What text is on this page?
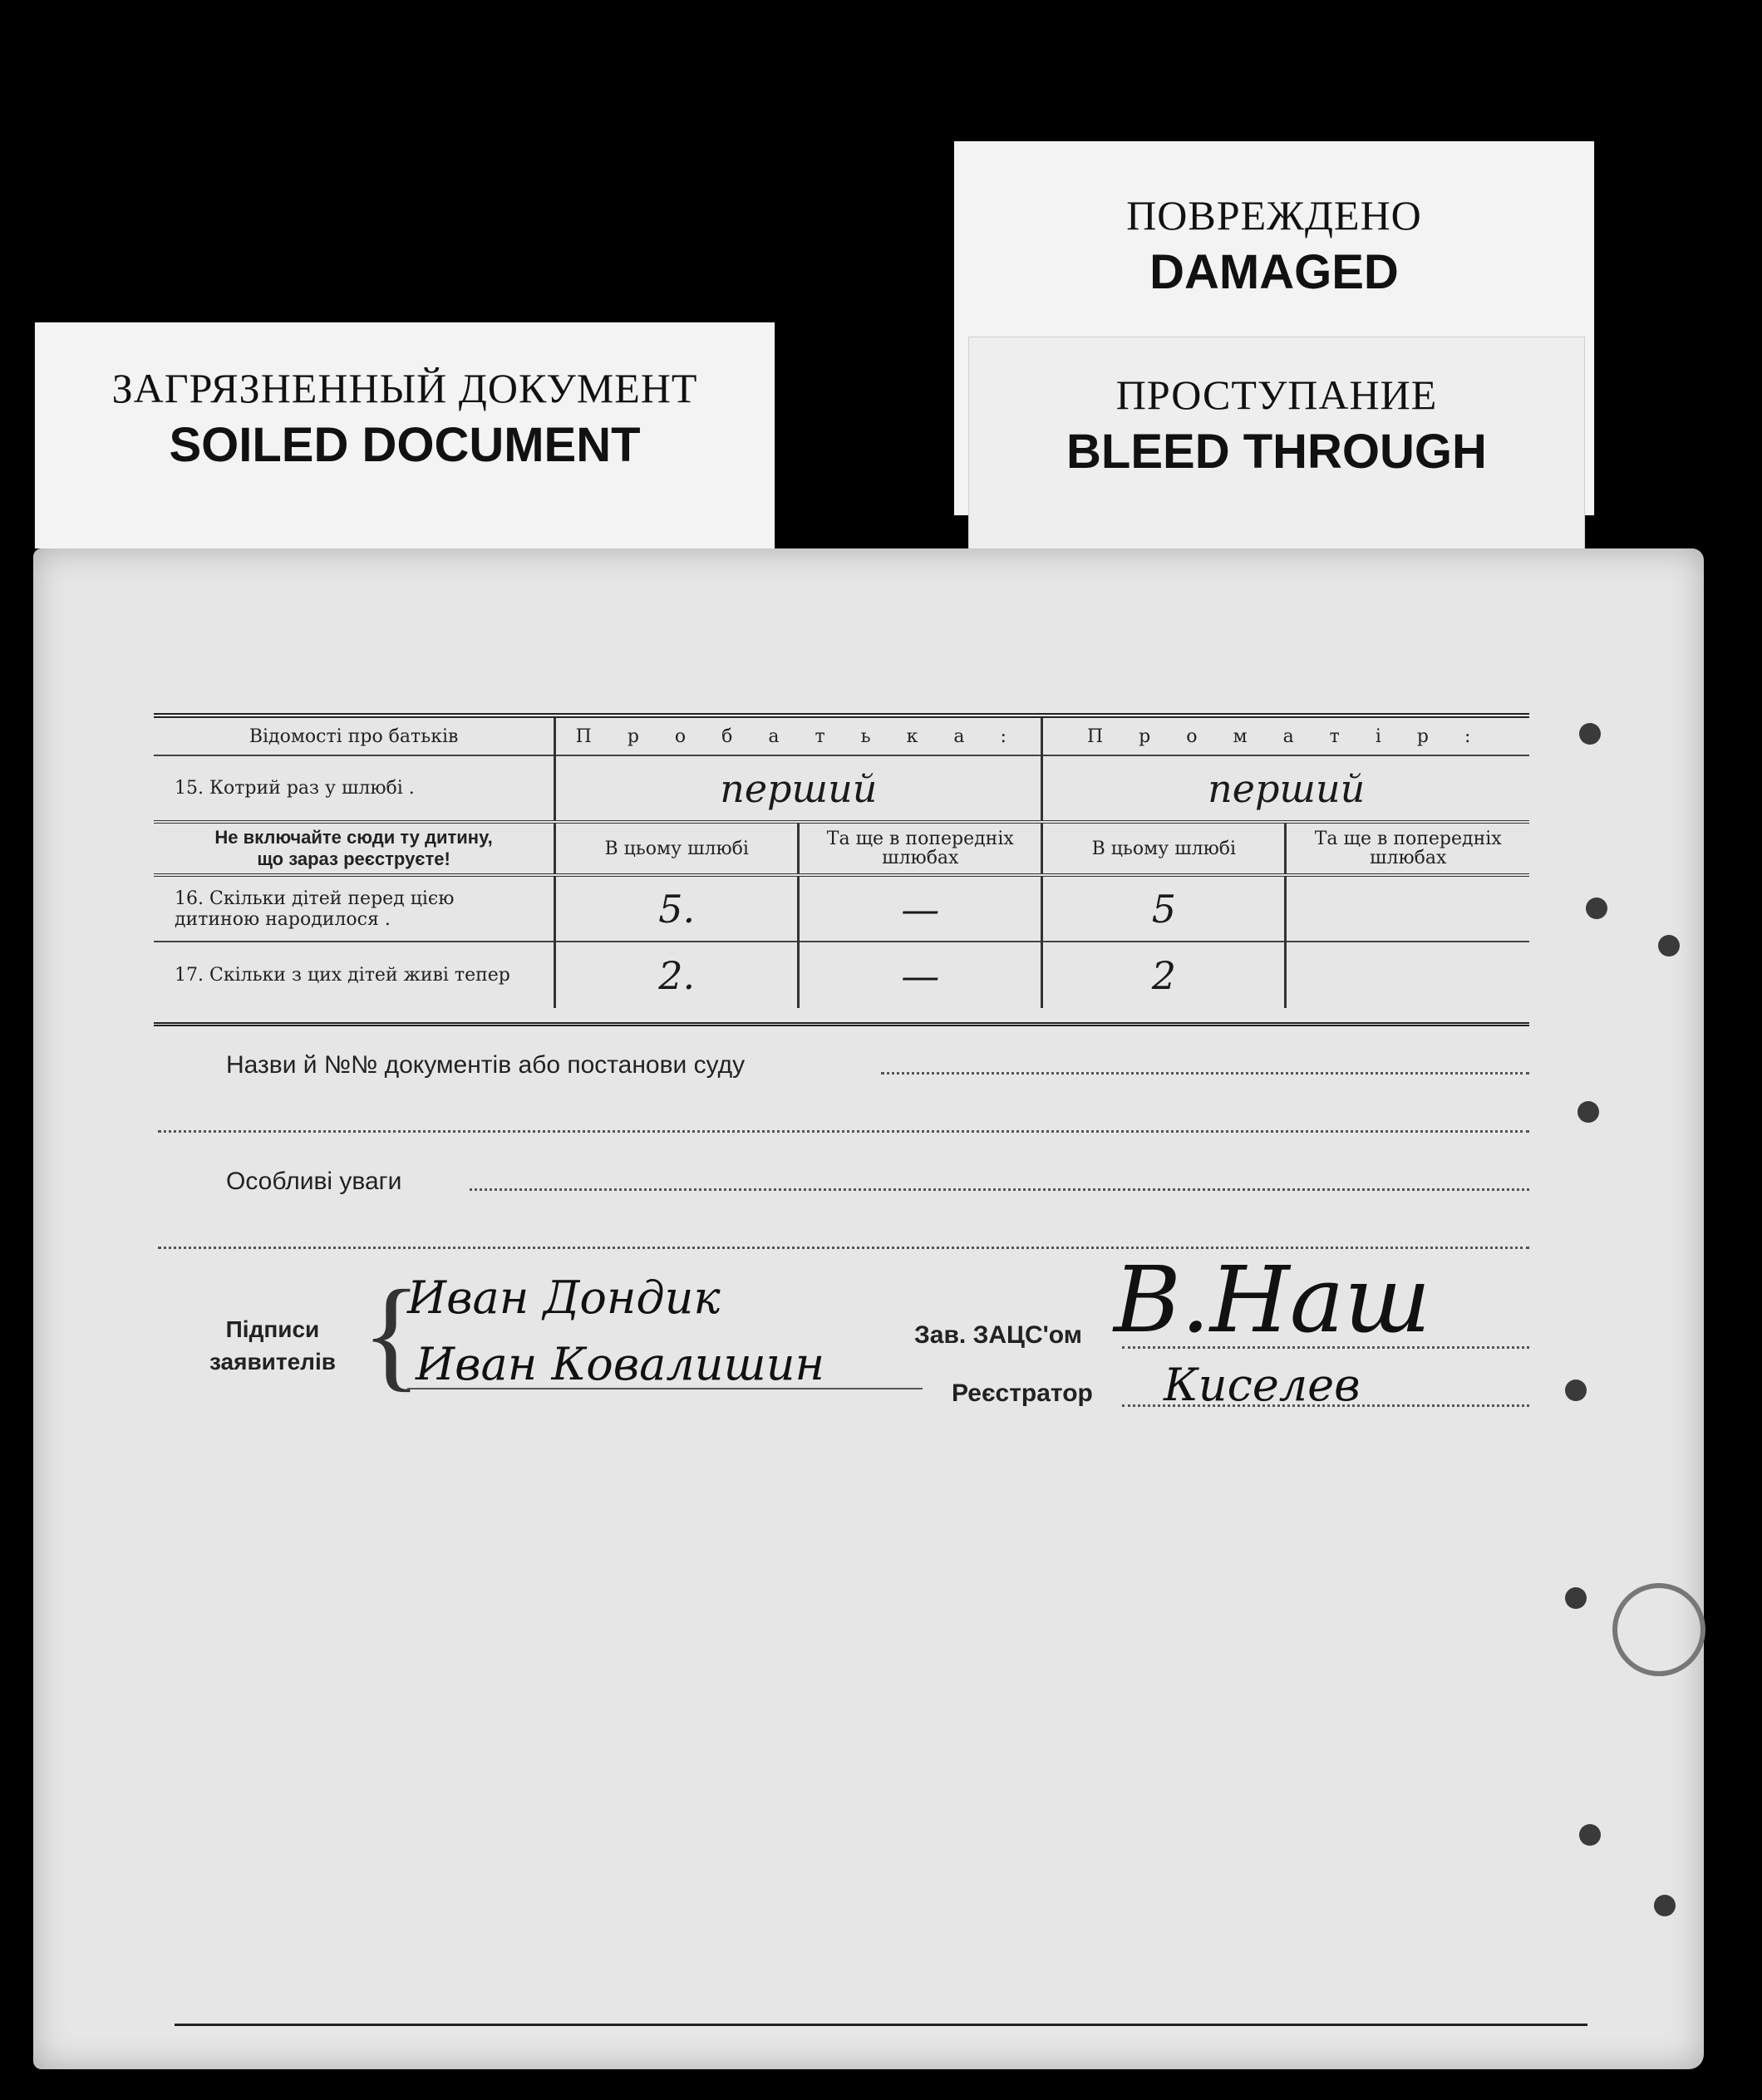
ЗАГРЯЗНЕННЫЙ ДОКУМЕНТ
SOILED DOCUMENT
ПОВРЕЖДЕНО
DAMAGED
ПРОСТУПАНИЕ
BLEED THROUGH
Відомості про батьків	П р о б а т ь к а :		П р о м а т і р :	
15. Котрий раз у шлюбі .	перший		перший	

Не включайте сюди ту дитину,
що зараз реєструєте!	В цьому шлюбі	Та ще в попередніх шлюбах	В цьому шлюбі	Та ще в попередніх шлюбах

16. Скільки дітей перед цією
дитиною народилося .	5.	—	5	
17. Скільки з цих дітей живі тепер	2.	—	2	
Назви й №№ документів або постанови суду
Особливі уваги
Підписи
заявителів {
Иван Дондик
Иван Ковалишин
Зав. ЗАЦС'ом В.Наш
Реєстратор Киселев
